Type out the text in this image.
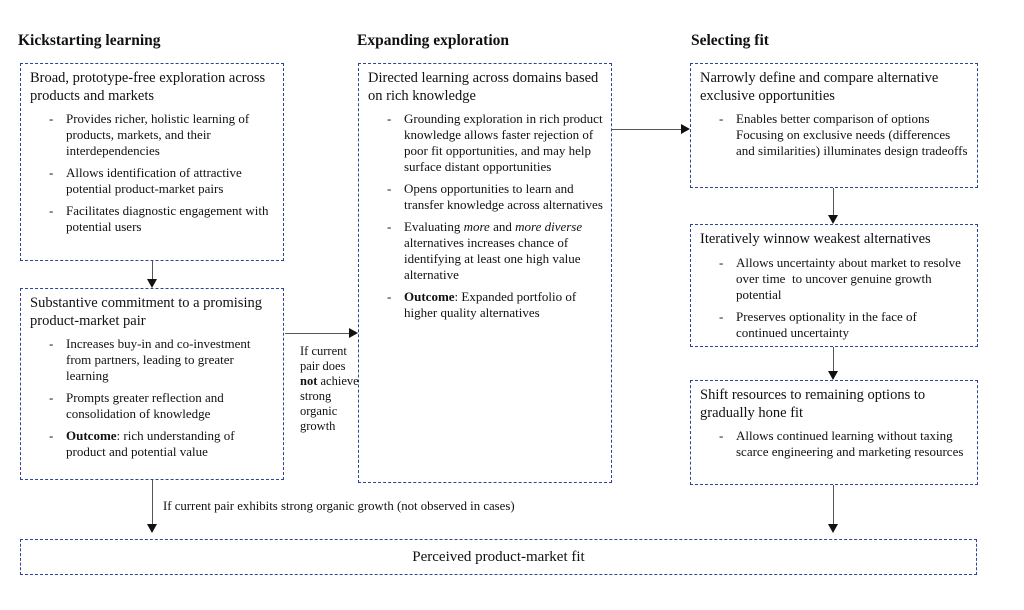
Kickstarting learning	Expanding exploration	Selecting fit
Broad, prototype-free exploration across products and markets
- Provides richer, holistic learning of products, markets, and their interdependencies
- Allows identification of attractive potential product-market pairs
- Facilitates diagnostic engagement with potential users
Substantive commitment to a promising product-market pair
- Increases buy-in and co-investment from partners, leading to greater learning
- Prompts greater reflection and consolidation of knowledge
- Outcome: rich understanding of product and potential value
Directed learning across domains based on rich knowledge
- Grounding exploration in rich product knowledge allows faster rejection of poor fit opportunities, and may help surface distant opportunities
- Opens opportunities to learn and transfer knowledge across alternatives
- Evaluating more and more diverse alternatives increases chance of identifying at least one high value alternative
- Outcome: Expanded portfolio of higher quality alternatives
Narrowly define and compare alternative exclusive opportunities
- Enables better comparison of options Focusing on exclusive needs (differences and similarities) illuminates design tradeoffs
Iteratively winnow weakest alternatives
- Allows uncertainty about market to resolve over time  to uncover genuine growth potential
- Preserves optionality in the face of continued uncertainty
Shift resources to remaining options to gradually hone fit
- Allows continued learning without taxing scarce engineering and marketing resources
If current pair does not achieve strong organic growth
If current pair exhibits strong organic growth (not observed in cases)
Perceived product-market fit
